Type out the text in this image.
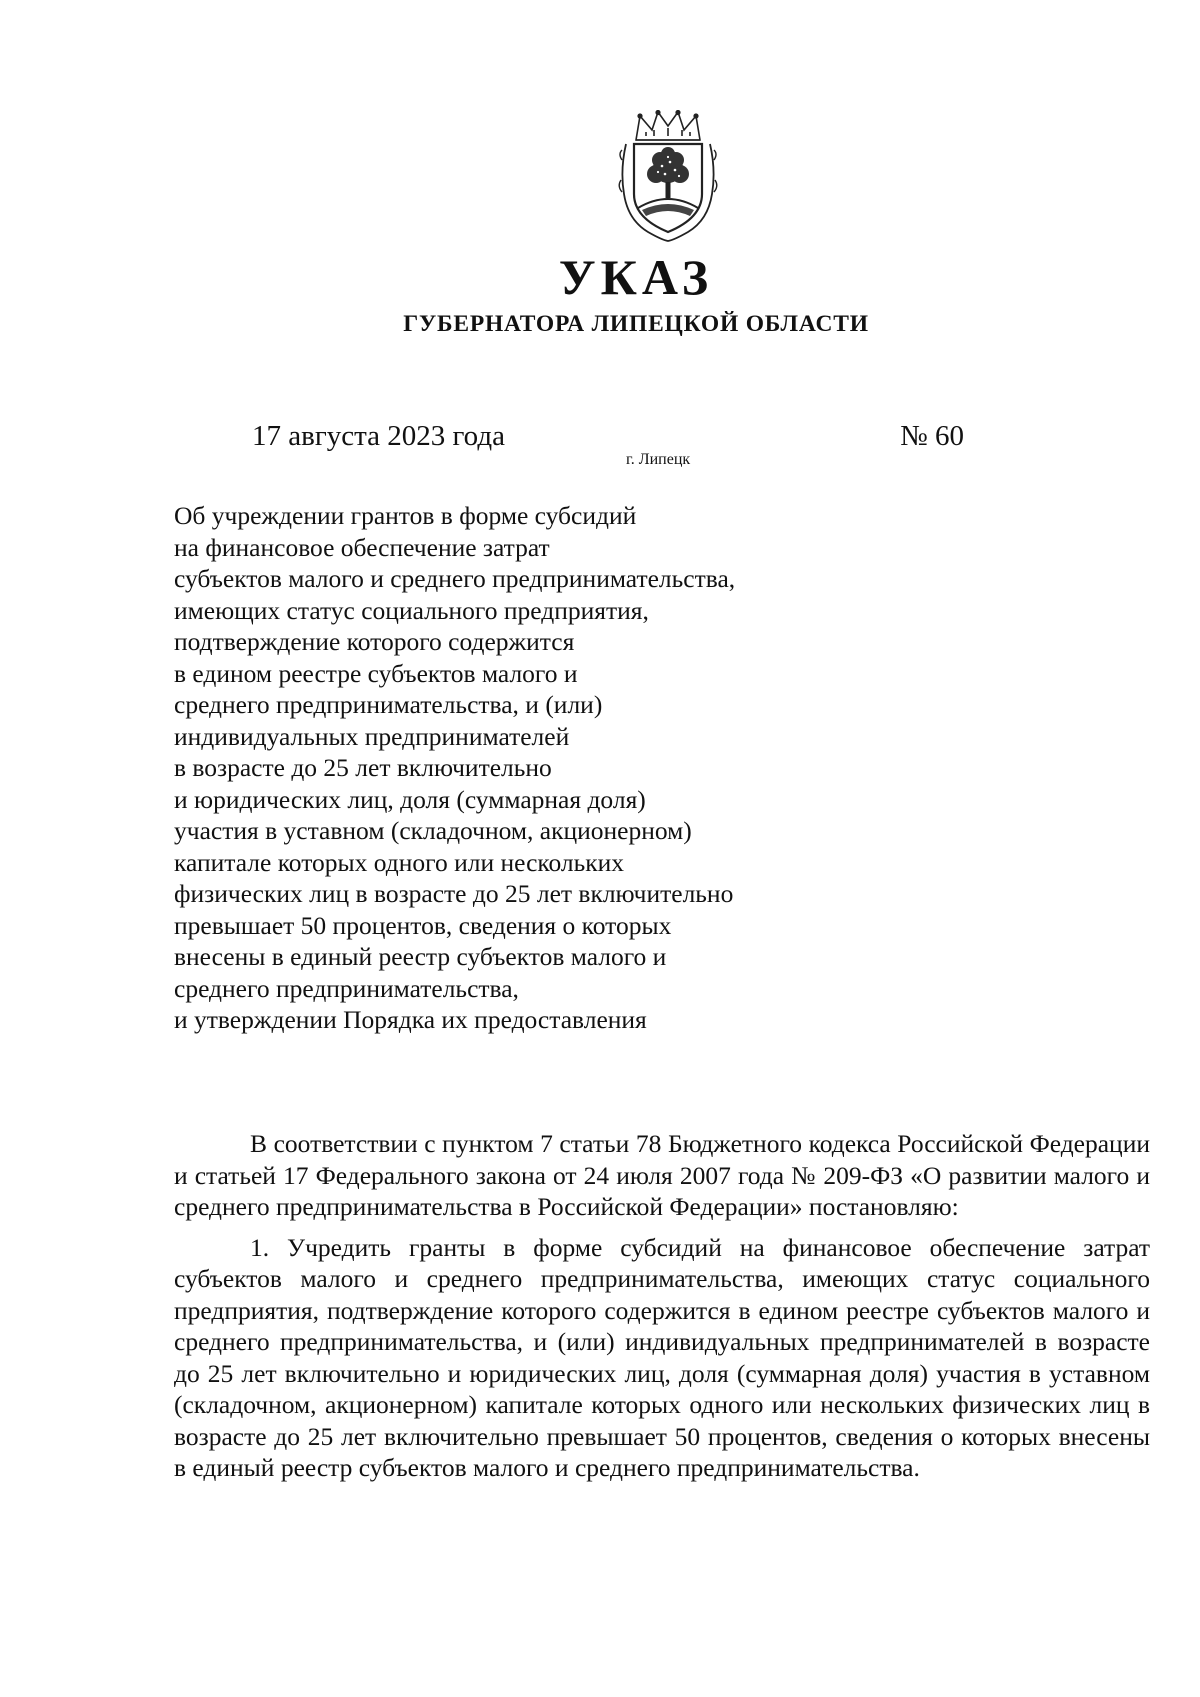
УКАЗ
ГУБЕРНАТОРА ЛИПЕЦКОЙ ОБЛАСТИ
17 августа 2023 года
г. Липецк
№ 60
Об учреждении грантов в форме субсидий
на финансовое обеспечение затрат
субъектов малого и среднего предпринимательства,
имеющих статус социального предприятия,
подтверждение которого содержится
в едином реестре субъектов малого и
среднего предпринимательства, и (или)
индивидуальных предпринимателей
в возрасте до 25 лет включительно
и юридических лиц, доля (суммарная доля)
участия в уставном (складочном, акционерном)
капитале которых одного или нескольких
физических лиц в возрасте до 25 лет включительно
превышает 50 процентов, сведения о которых
внесены в единый реестр субъектов малого и
среднего предпринимательства,
и утверждении Порядка их предоставления

В соответствии с пунктом 7 статьи 78 Бюджетного кодекса Российской Федерации и статьей 17 Федерального закона от 24 июля 2007 года № 209-ФЗ «О развитии малого и среднего предпринимательства в Российской Федерации» постановляю:

1. Учредить гранты в форме субсидий на финансовое обеспечение затрат субъектов малого и среднего предпринимательства, имеющих статус социального предприятия, подтверждение которого содержится в едином реестре субъектов малого и среднего предпринимательства, и (или) индивидуальных предпринимателей в возрасте до 25 лет включительно и юридических лиц, доля (суммарная доля) участия в уставном (складочном, акционерном) капитале которых одного или нескольких физических лиц в возрасте до 25 лет включительно превышает 50 процентов, сведения о которых внесены в единый реестр субъектов малого и среднего предпринимательства.
